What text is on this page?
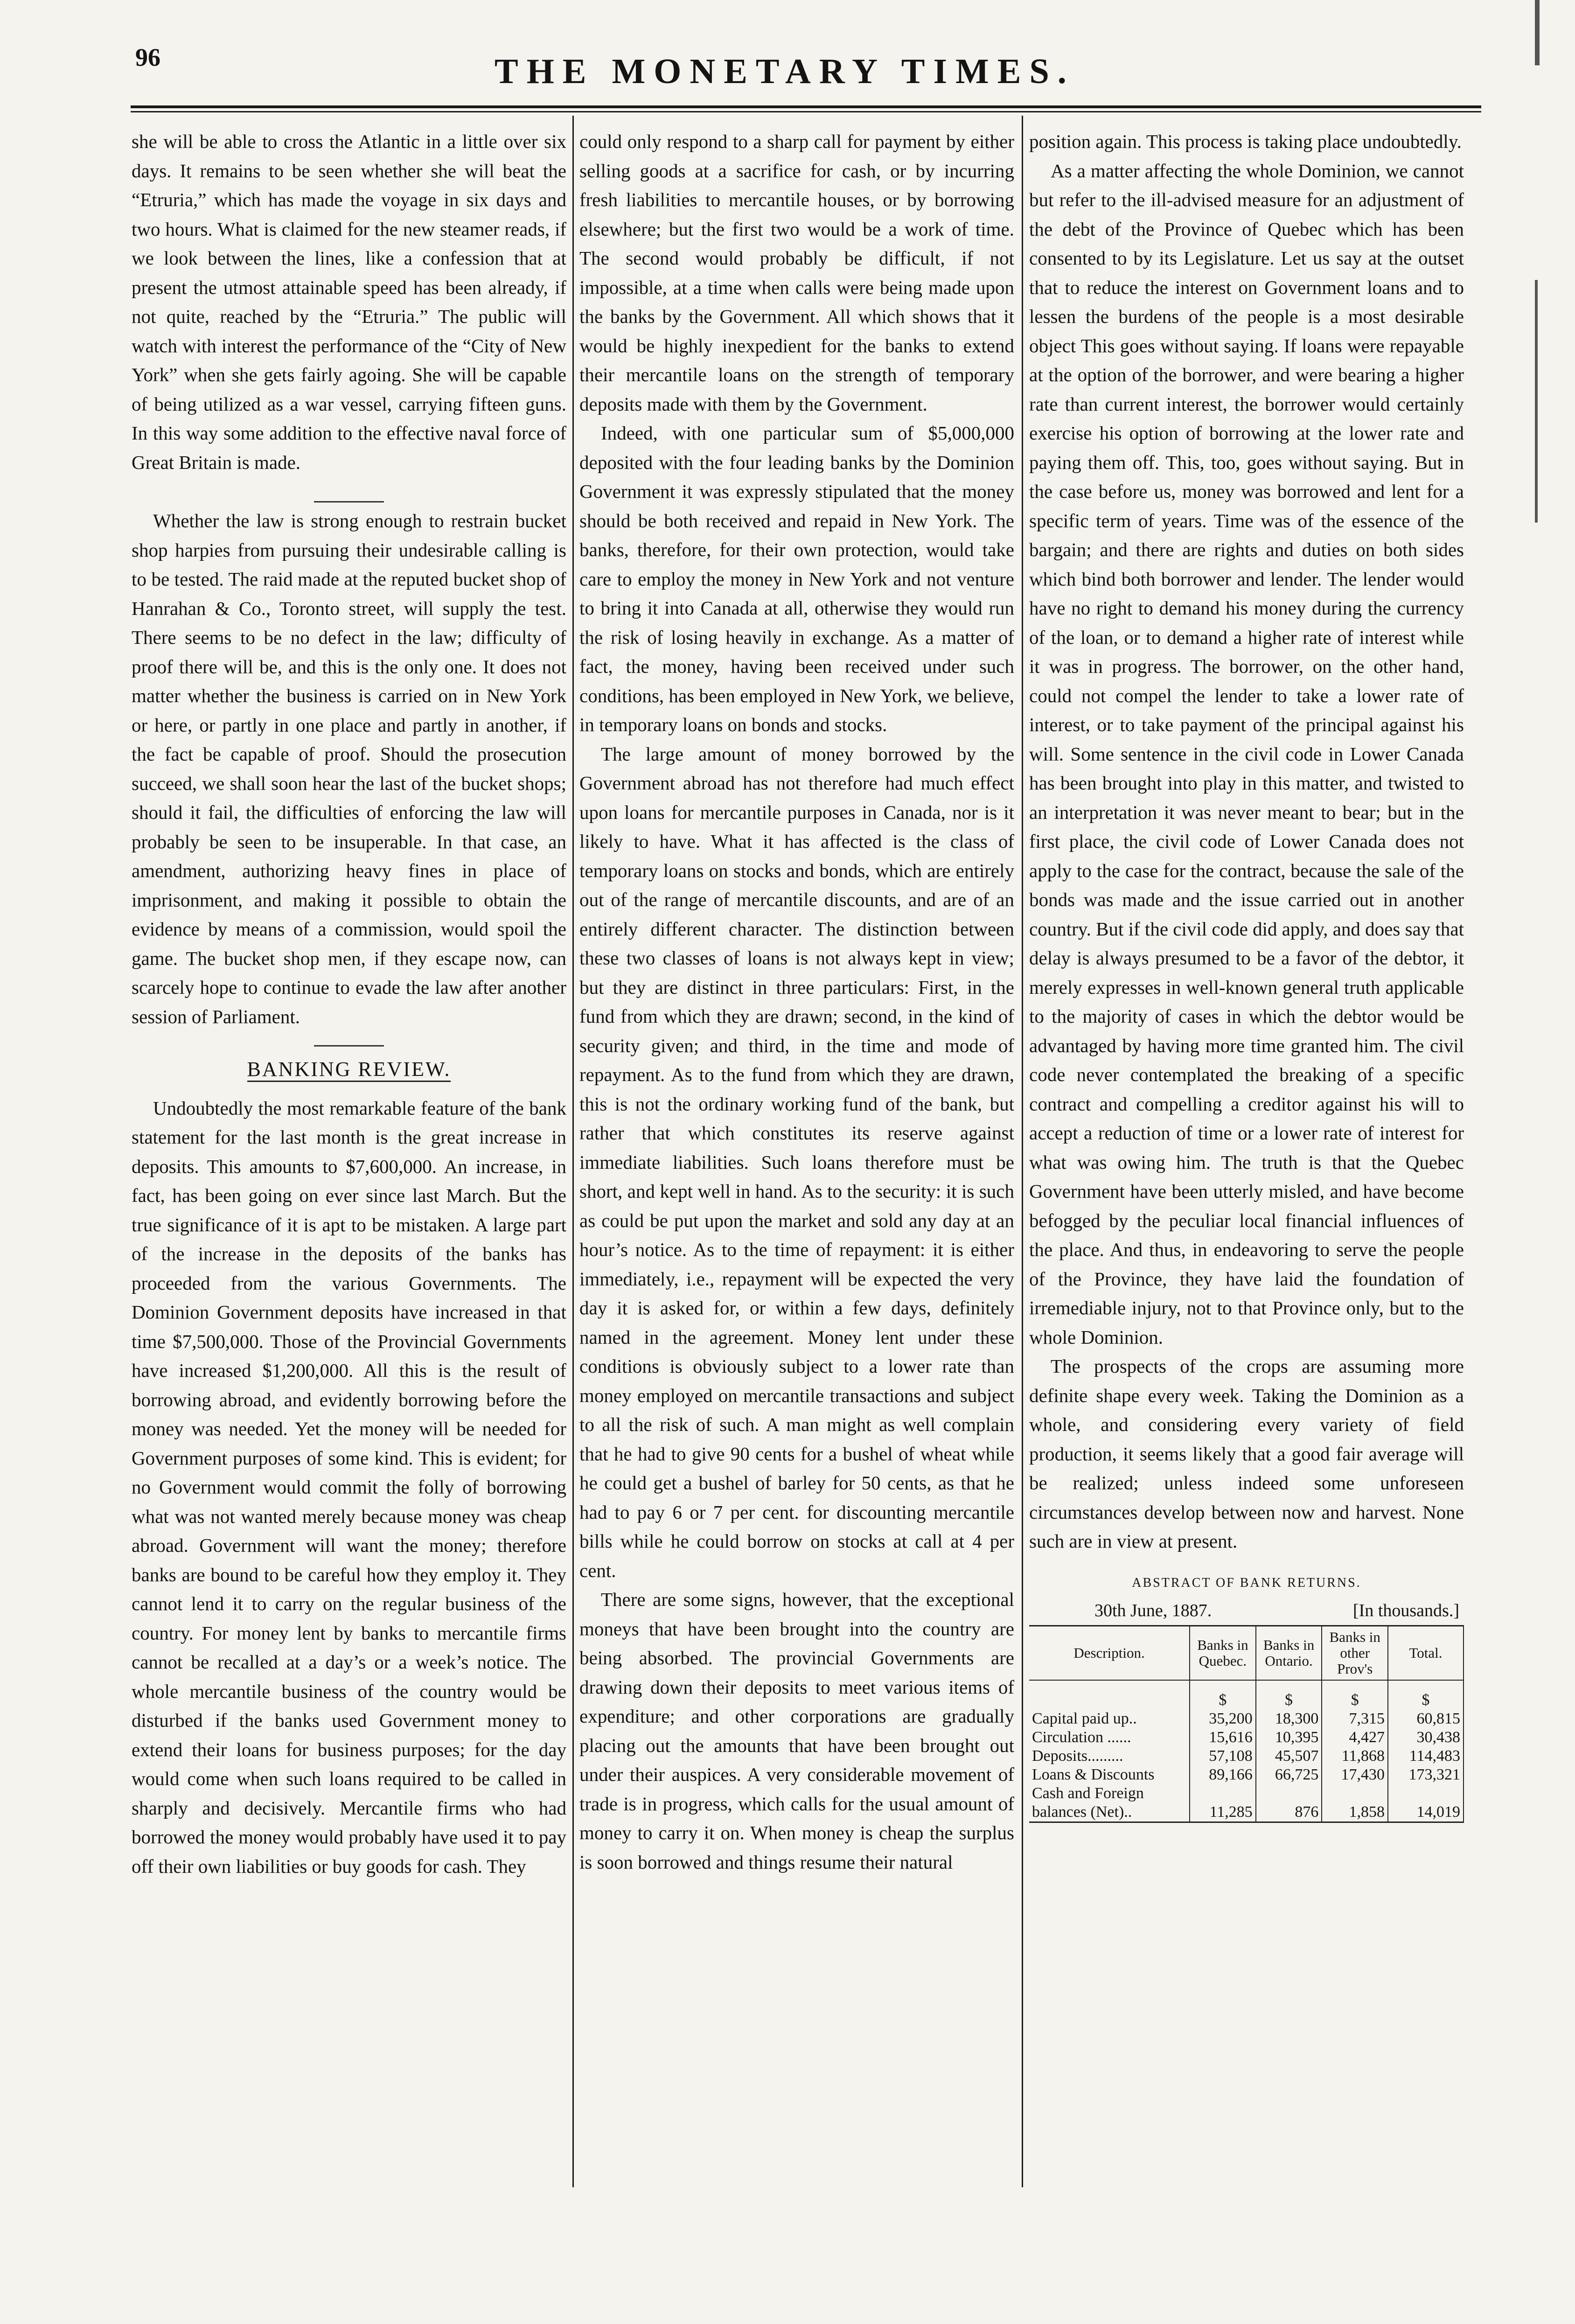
96	THE MONETARY TIMES.

she will be able to cross the Atlantic in a little over six days. It remains to be seen whether she will beat the “Etruria,” which has made the voyage in six days and two hours. What is claimed for the new steamer reads, if we look between the lines, like a confession that at present the utmost attainable speed has been already, if not quite, reached by the “Etruria.” The public will watch with interest the performance of the “City of New York” when she gets fairly agoing. She will be capable of being utilized as a war vessel, carrying fifteen guns. In this way some addition to the effective naval force of Great Britain is made.

Whether the law is strong enough to restrain bucket shop harpies from pursuing their undesirable calling is to be tested. The raid made at the reputed bucket shop of Hanrahan & Co., Toronto street, will supply the test. There seems to be no defect in the law; difficulty of proof there will be, and this is the only one. It does not matter whether the business is carried on in New York or here, or partly in one place and partly in another, if the fact be capable of proof. Should the prosecution succeed, we shall soon hear the last of the bucket shops; should it fail, the difficulties of enforcing the law will probably be seen to be insuperable. In that case, an amendment, authorizing heavy fines in place of imprisonment, and making it possible to obtain the evidence by means of a commission, would spoil the game. The bucket shop men, if they escape now, can scarcely hope to continue to evade the law after another session of Parliament.

BANKING REVIEW.

Undoubtedly the most remarkable feature of the bank statement for the last month is the great increase in deposits. This amounts to $7,600,000. An increase, in fact, has been going on ever since last March. But the true significance of it is apt to be mistaken. A large part of the increase in the deposits of the banks has proceeded from the various Governments. The Dominion Government deposits have increased in that time $7,500,000. Those of the Provincial Governments have increased $1,200,000. All this is the result of borrowing abroad, and evidently borrowing before the money was needed. Yet the money will be needed for Government purposes of some kind. This is evident; for no Government would commit the folly of borrowing what was not wanted merely because money was cheap abroad. Government will want the money; therefore banks are bound to be careful how they employ it. They cannot lend it to carry on the regular business of the country. For money lent by banks to mercantile firms cannot be recalled at a day’s or a week’s notice. The whole mercantile business of the country would be disturbed if the banks used Government money to extend their loans for business purposes; for the day would come when such loans required to be called in sharply and decisively. Mercantile firms who had borrowed the money would probably have used it to pay off their own liabilities or buy goods for cash. They

could only respond to a sharp call for payment by either selling goods at a sacrifice for cash, or by incurring fresh liabilities to mercantile houses, or by borrowing elsewhere; but the first two would be a work of time. The second would probably be difficult, if not impossible, at a time when calls were being made upon the banks by the Government. All which shows that it would be highly inexpedient for the banks to extend their mercantile loans on the strength of temporary deposits made with them by the Government.

Indeed, with one particular sum of $5,000,000 deposited with the four leading banks by the Dominion Government it was expressly stipulated that the money should be both received and repaid in New York. The banks, therefore, for their own protection, would take care to employ the money in New York and not venture to bring it into Canada at all, otherwise they would run the risk of losing heavily in exchange. As a matter of fact, the money, having been received under such conditions, has been employed in New York, we believe, in temporary loans on bonds and stocks.

The large amount of money borrowed by the Government abroad has not therefore had much effect upon loans for mercantile purposes in Canada, nor is it likely to have. What it has affected is the class of temporary loans on stocks and bonds, which are entirely out of the range of mercantile discounts, and are of an entirely different character. The distinction between these two classes of loans is not always kept in view; but they are distinct in three particulars: First, in the fund from which they are drawn; second, in the kind of security given; and third, in the time and mode of repayment. As to the fund from which they are drawn, this is not the ordinary working fund of the bank, but rather that which constitutes its reserve against immediate liabilities. Such loans therefore must be short, and kept well in hand. As to the security: it is such as could be put upon the market and sold any day at an hour’s notice. As to the time of repayment: it is either immediately, i.e., repayment will be expected the very day it is asked for, or within a few days, definitely named in the agreement. Money lent under these conditions is obviously subject to a lower rate than money employed on mercantile transactions and subject to all the risk of such. A man might as well complain that he had to give 90 cents for a bushel of wheat while he could get a bushel of barley for 50 cents, as that he had to pay 6 or 7 per cent. for discounting mercantile bills while he could borrow on stocks at call at 4 per cent.

There are some signs, however, that the exceptional moneys that have been brought into the country are being absorbed. The provincial Governments are drawing down their deposits to meet various items of expenditure; and other corporations are gradually placing out the amounts that have been brought out under their auspices. A very considerable movement of trade is in progress, which calls for the usual amount of money to carry it on. When money is cheap the surplus is soon borrowed and things resume their natural

position again. This process is taking place undoubtedly.

As a matter affecting the whole Dominion, we cannot but refer to the ill-advised measure for an adjustment of the debt of the Province of Quebec which has been consented to by its Legislature. Let us say at the outset that to reduce the interest on Government loans and to lessen the burdens of the people is a most desirable object This goes without saying. If loans were repayable at the option of the borrower, and were bearing a higher rate than current interest, the borrower would certainly exercise his option of borrowing at the lower rate and paying them off. This, too, goes without saying. But in the case before us, money was borrowed and lent for a specific term of years. Time was of the essence of the bargain; and there are rights and duties on both sides which bind both borrower and lender. The lender would have no right to demand his money during the currency of the loan, or to demand a higher rate of interest while it was in progress. The borrower, on the other hand, could not compel the lender to take a lower rate of interest, or to take payment of the principal against his will. Some sentence in the civil code in Lower Canada has been brought into play in this matter, and twisted to an interpretation it was never meant to bear; but in the first place, the civil code of Lower Canada does not apply to the case for the contract, because the sale of the bonds was made and the issue carried out in another country. But if the civil code did apply, and does say that delay is always presumed to be a favor of the debtor, it merely expresses in well-known general truth applicable to the majority of cases in which the debtor would be advantaged by having more time granted him. The civil code never contemplated the breaking of a specific contract and compelling a creditor against his will to accept a reduction of time or a lower rate of interest for what was owing him. The truth is that the Quebec Government have been utterly misled, and have become befogged by the peculiar local financial influences of the place. And thus, in endeavoring to serve the people of the Province, they have laid the foundation of irremediable injury, not to that Province only, but to the whole Dominion.

The prospects of the crops are assuming more definite shape every week. Taking the Dominion as a whole, and considering every variety of field production, it seems likely that a good fair average will be realized; unless indeed some unforeseen circumstances develop between now and harvest. None such are in view at present.

ABSTRACT OF BANK RETURNS.
30th June, 1887.	[In thousands.]
Description.	Banks in Quebec.	Banks in Ontario.	Banks in other Prov's	Total.
	$	$	$	$
Capital paid up..	35,200	18,300	7,315	60,815
Circulation ......	15,616	10,395	4,427	30,438
Deposits.........	57,108	45,507	11,868	114,483
Loans & Discounts	89,166	66,725	17,430	173,321
Cash and Foreign				
balances (Net)..	11,285	876	1,858	14,019
